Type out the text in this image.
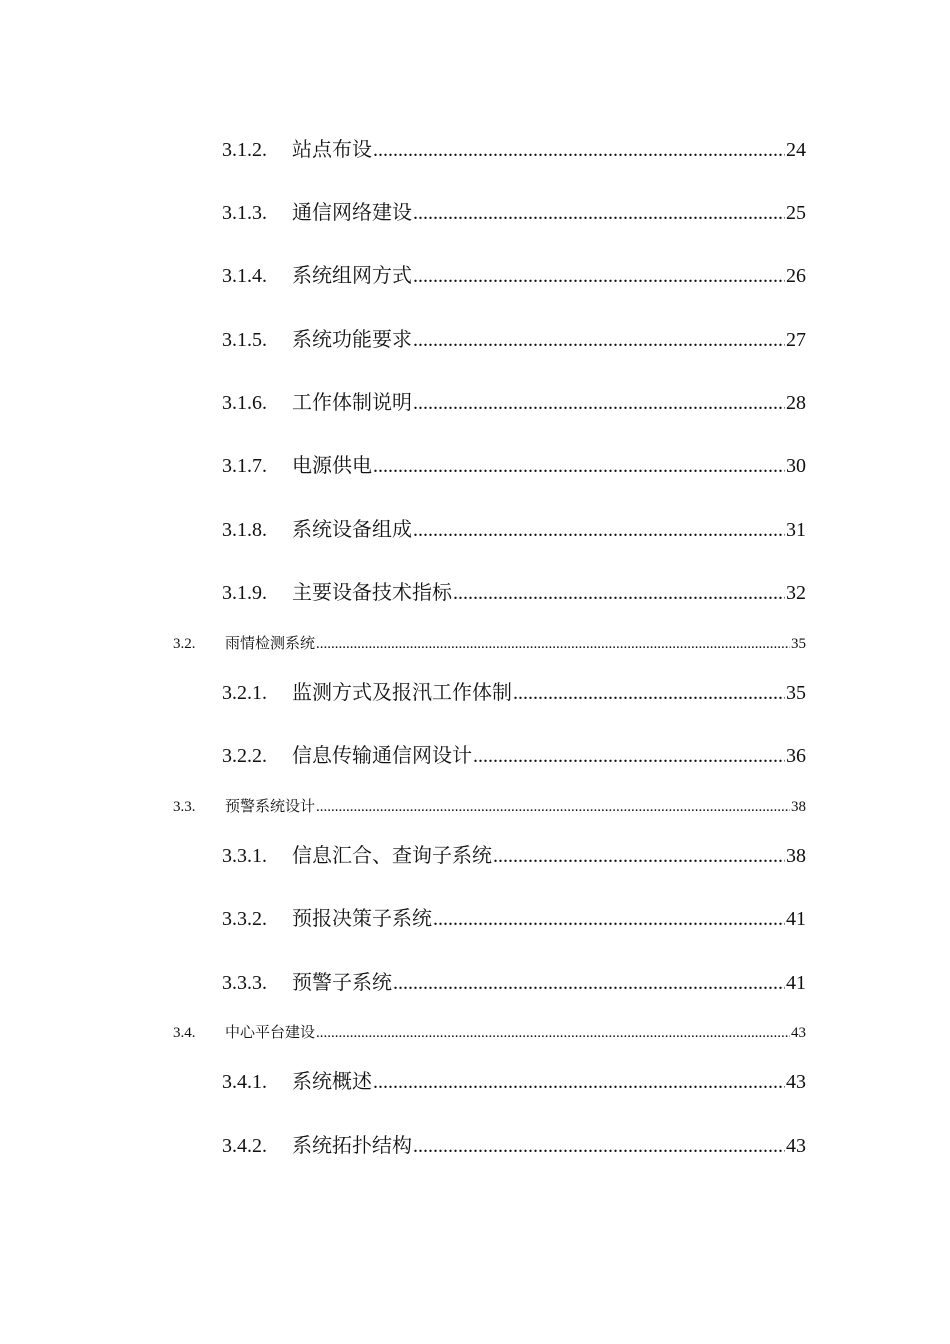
3.1.2.	站点布设 .....	24
3.1.3.	通信网络建设 .....	25
3.1.4.	系统组网方式 .....	26
3.1.5.	系统功能要求 .....	27
3.1.6.	工作体制说明 .....	28
3.1.7.	电源供电 .....	30
3.1.8.	系统设备组成 .....	31
3.1.9.	主要设备技术指标 .....	32
3.2.	雨情检测系统 .....	35
3.2.1.	监测方式及报汛工作体制 .....	35
3.2.2.	信息传输通信网设计 .....	36
3.3.	预警系统设计 .....	38
3.3.1.	信息汇合、查询子系统 .....	38
3.3.2.	预报决策子系统 .....	41
3.3.3.	预警子系统 .....	41
3.4.	中心平台建设 .....	43
3.4.1.	系统概述 .....	43
3.4.2.	系统拓扑结构 .....	43
